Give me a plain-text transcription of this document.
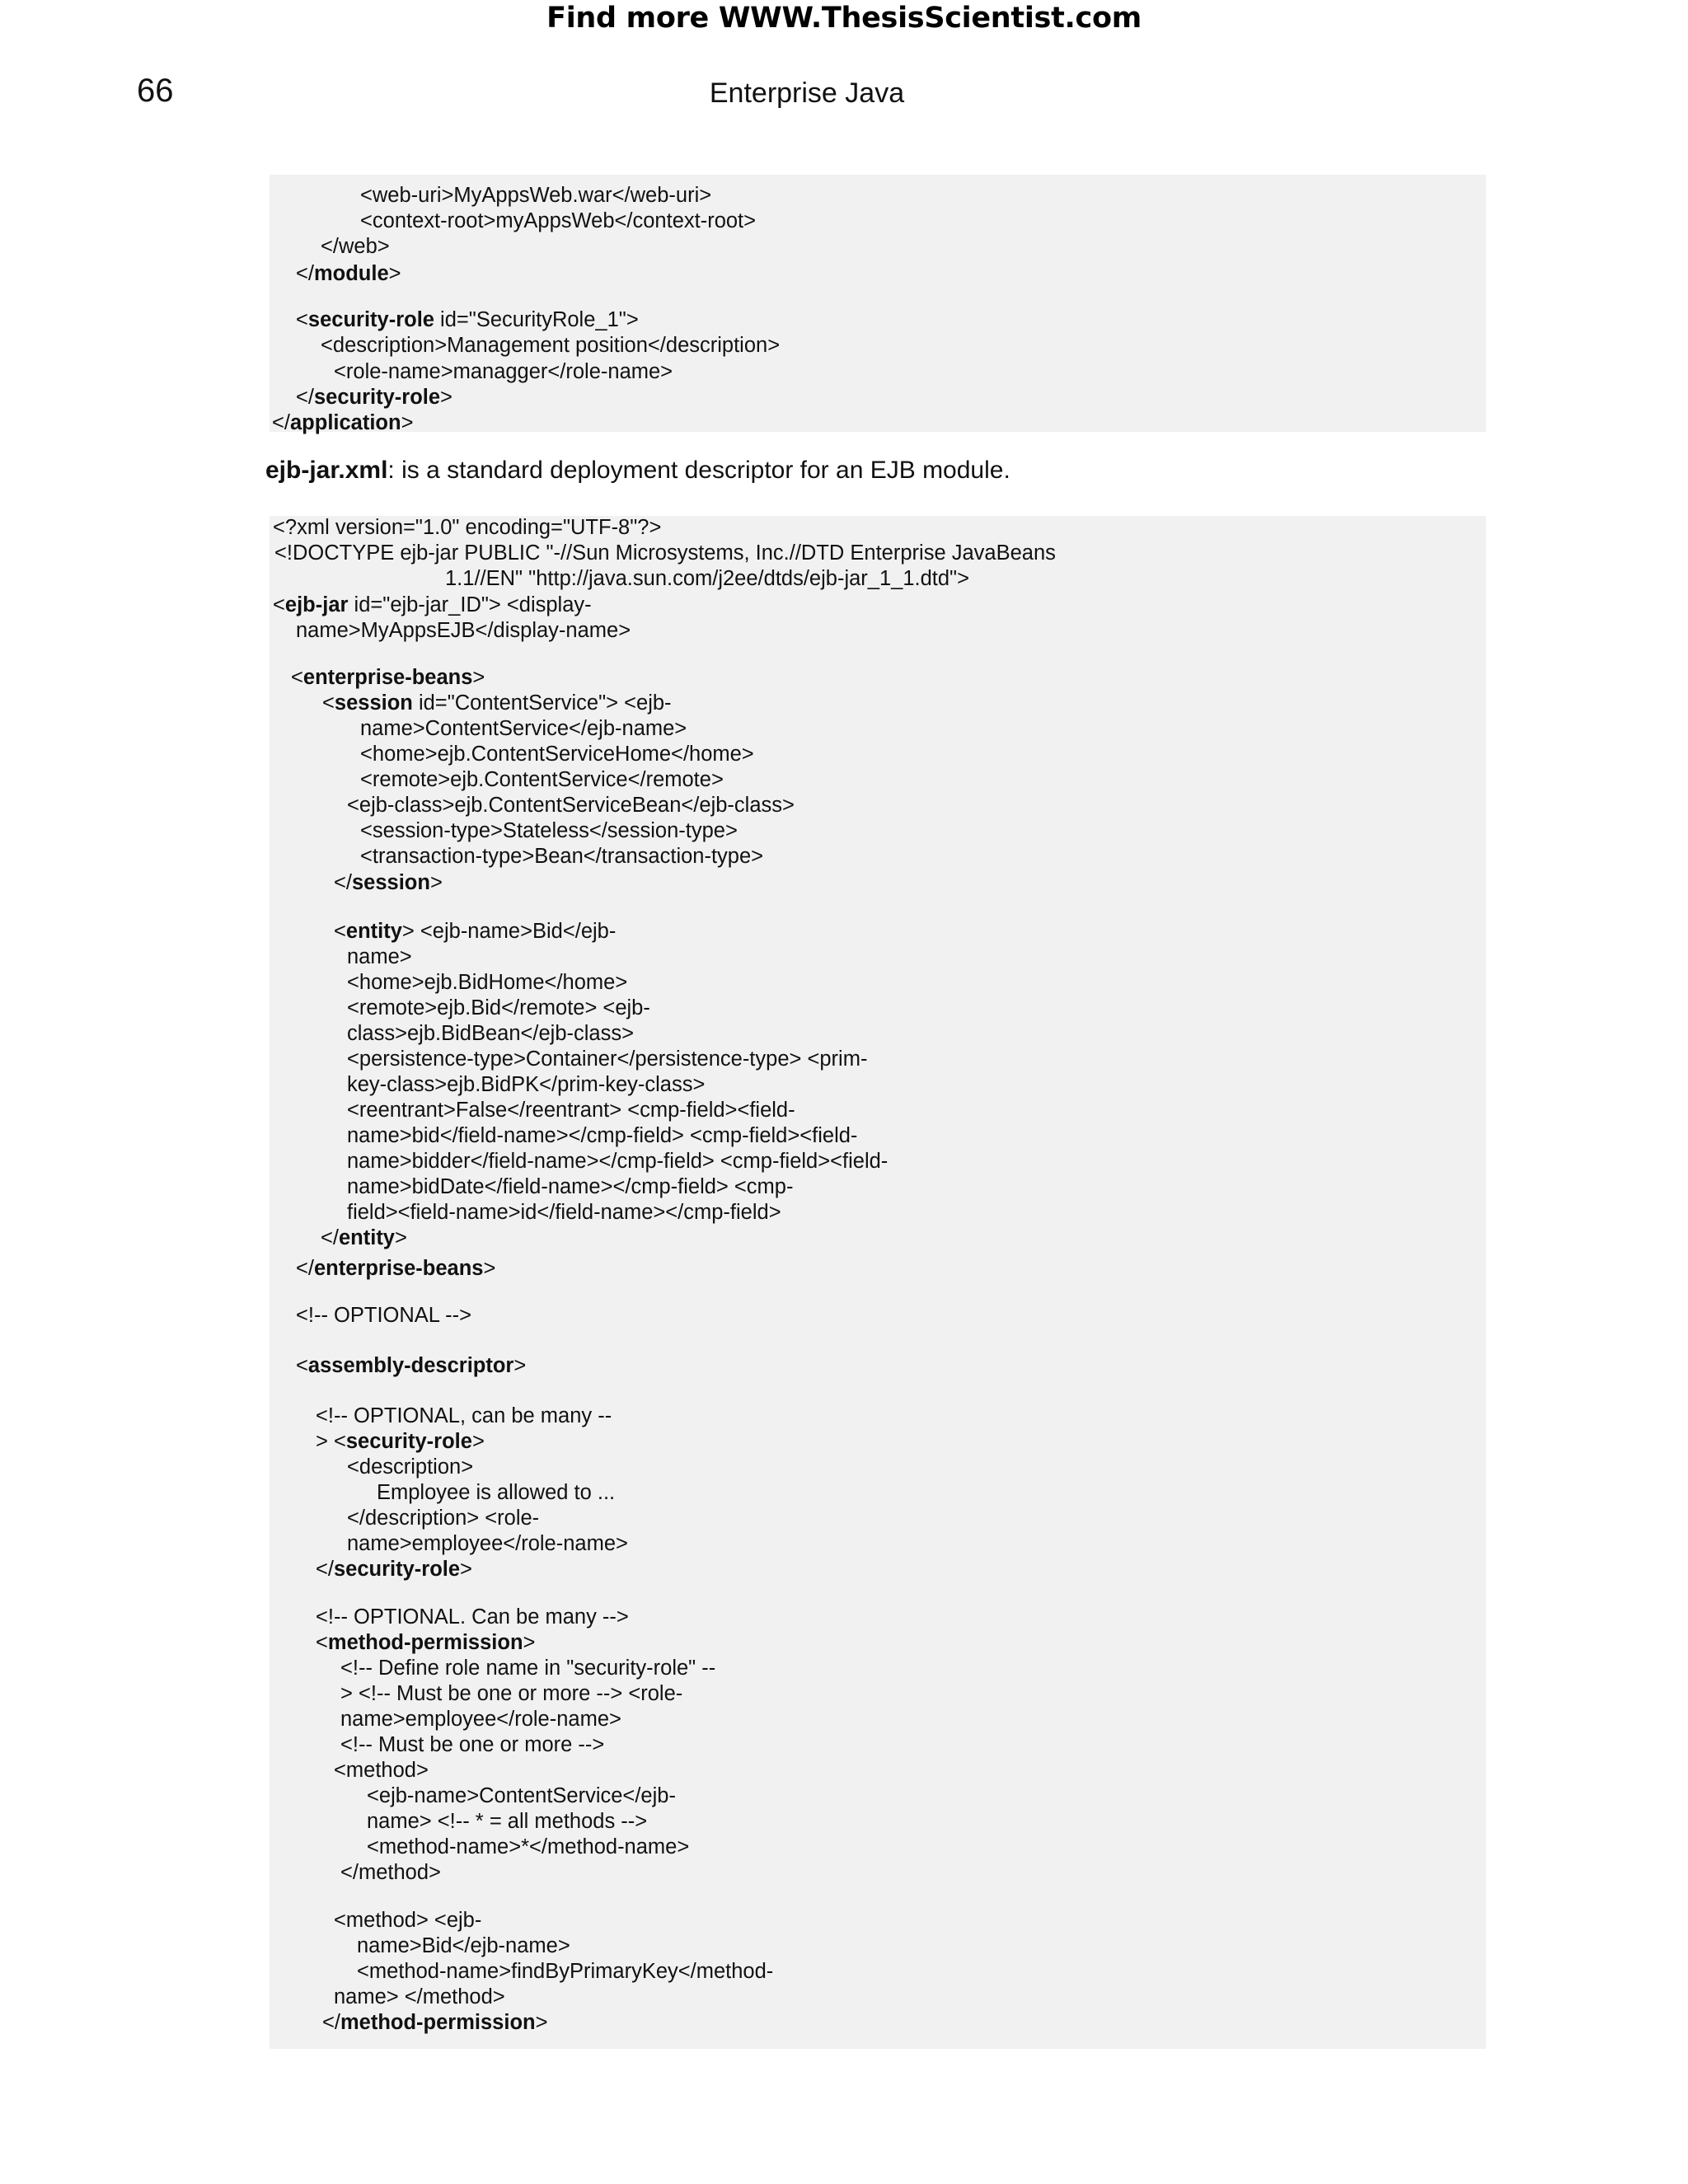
Find more WWW.ThesisScientist.com
66	Enterprise Java
<web-uri>MyAppsWeb.war</web-uri>
<context-root>myAppsWeb</context-root>
</web>
</module>
<security-role id="SecurityRole_1">
<description>Management position</description>
<role-name>managger</role-name>
</security-role>
</application>
ejb-jar.xml: is a standard deployment descriptor for an EJB module.
<?xml version="1.0" encoding="UTF-8"?>
<!DOCTYPE ejb-jar PUBLIC "-//Sun Microsystems, Inc.//DTD Enterprise JavaBeans
1.1//EN" "http://java.sun.com/j2ee/dtds/ejb-jar_1_1.dtd">
<ejb-jar id="ejb-jar_ID"> <display-
name>MyAppsEJB</display-name>
<enterprise-beans>
<session id="ContentService"> <ejb-
name>ContentService</ejb-name>
<home>ejb.ContentServiceHome</home>
<remote>ejb.ContentService</remote>
<ejb-class>ejb.ContentServiceBean</ejb-class>
<session-type>Stateless</session-type>
<transaction-type>Bean</transaction-type>
</session>
<entity> <ejb-name>Bid</ejb-
name>
<home>ejb.BidHome</home>
<remote>ejb.Bid</remote> <ejb-
class>ejb.BidBean</ejb-class>
<persistence-type>Container</persistence-type> <prim-
key-class>ejb.BidPK</prim-key-class>
<reentrant>False</reentrant> <cmp-field><field-
name>bid</field-name></cmp-field> <cmp-field><field-
name>bidder</field-name></cmp-field> <cmp-field><field-
name>bidDate</field-name></cmp-field> <cmp-
field><field-name>id</field-name></cmp-field>
</entity>
</enterprise-beans>
<!-- OPTIONAL -->
<assembly-descriptor>
<!-- OPTIONAL, can be many --
> <security-role>
<description>
Employee is allowed to ...
</description> <role-
name>employee</role-name>
</security-role>
<!-- OPTIONAL. Can be many -->
<method-permission>
<!-- Define role name in "security-role" --
> <!-- Must be one or more --> <role-
name>employee</role-name>
<!-- Must be one or more -->
<method>
<ejb-name>ContentService</ejb-
name> <!-- * = all methods -->
<method-name>*</method-name>
</method>
<method> <ejb-
name>Bid</ejb-name>
<method-name>findByPrimaryKey</method-
name> </method>
</method-permission>
